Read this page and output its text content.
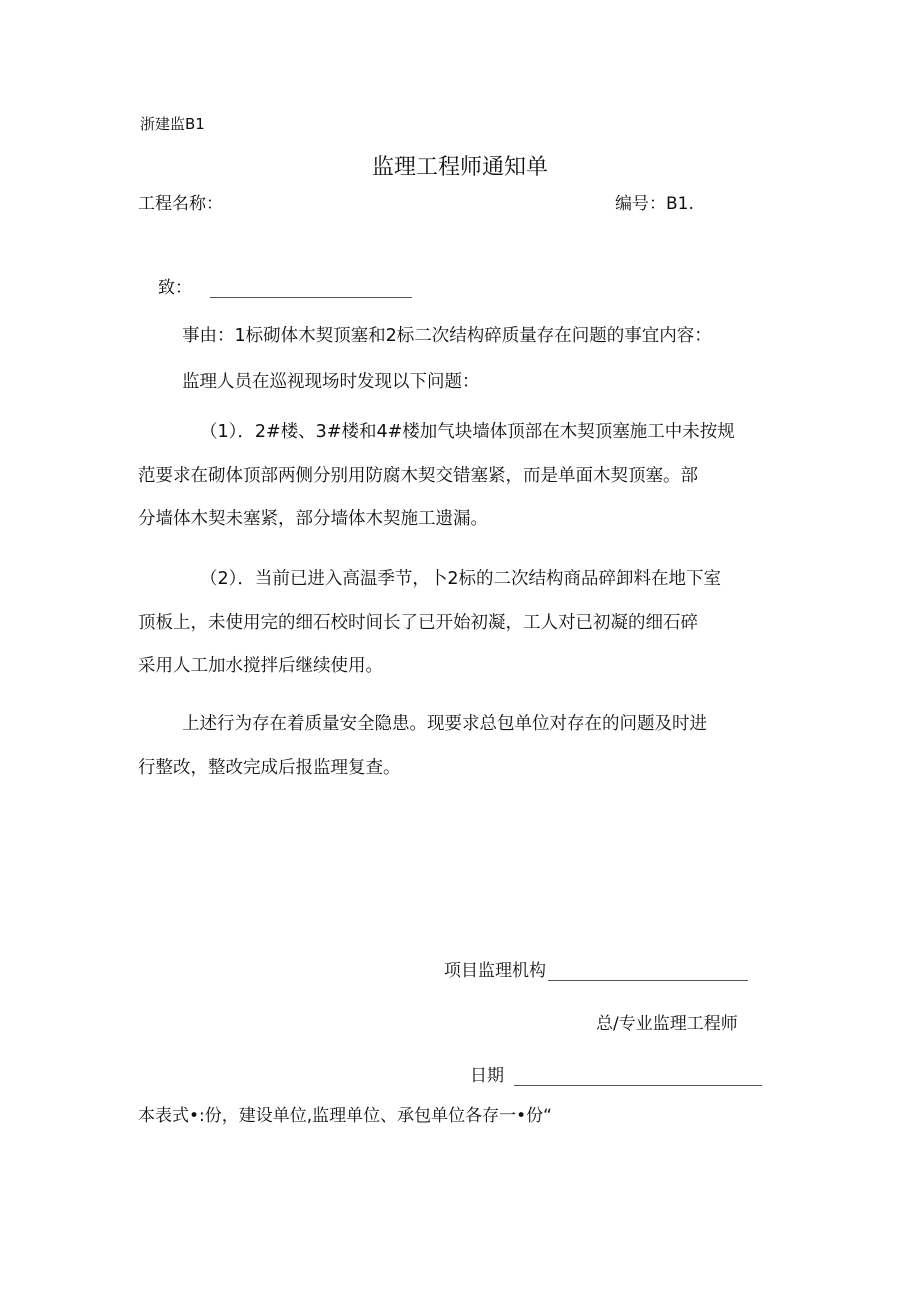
浙建监B1
监理工程师通知单
工程名称：	编号：B1.
致：
事由：1标砌体木契顶塞和2标二次结构碎质量存在问题的事宜内容：
监理人员在巡视现场时发现以下问题：
（1）．2#楼、3#楼和4#楼加气块墙体顶部在木契顶塞施工中未按规
范要求在砌体顶部两侧分别用防腐木契交错塞紧，而是单面木契顶塞。部
分墙体木契未塞紧，部分墙体木契施工遗漏。
（2）．当前已进入高温季节，卜2标的二次结构商品碎卸料在地下室
顶板上，未使用完的细石校时间长了已开始初凝，工人对已初凝的细石碎
采用人工加水搅拌后继续使用。
上述行为存在着质量安全隐患。现要求总包单位对存在的问题及时进
行整改，整改完成后报监理复查。
项目监理机构
总/专业监理工程师
日期
本表式•:份，建设单位,监理单位、承包单位各存一•份“
